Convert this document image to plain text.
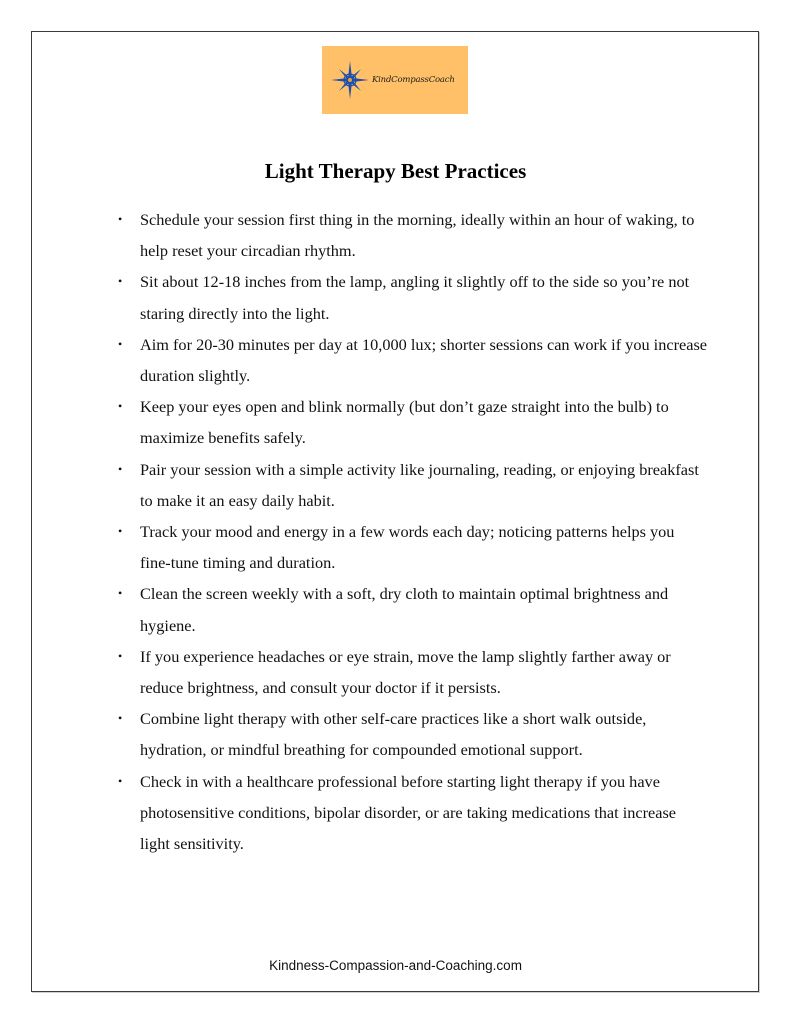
KindCompassCoach
Light Therapy Best Practices
• Schedule your session first thing in the morning, ideally within an hour of waking, to help reset your circadian rhythm.
• Sit about 12-18 inches from the lamp, angling it slightly off to the side so you’re not staring directly into the light.
• Aim for 20-30 minutes per day at 10,000 lux; shorter sessions can work if you increase duration slightly.
• Keep your eyes open and blink normally (but don’t gaze straight into the bulb) to maximize benefits safely.
• Pair your session with a simple activity like journaling, reading, or enjoying breakfast to make it an easy daily habit.
• Track your mood and energy in a few words each day; noticing patterns helps you fine-tune timing and duration.
• Clean the screen weekly with a soft, dry cloth to maintain optimal brightness and hygiene.
• If you experience headaches or eye strain, move the lamp slightly farther away or reduce brightness, and consult your doctor if it persists.
• Combine light therapy with other self-care practices like a short walk outside, hydration, or mindful breathing for compounded emotional support.
• Check in with a healthcare professional before starting light therapy if you have photosensitive conditions, bipolar disorder, or are taking medications that increase light sensitivity.
Kindness-Compassion-and-Coaching.com
